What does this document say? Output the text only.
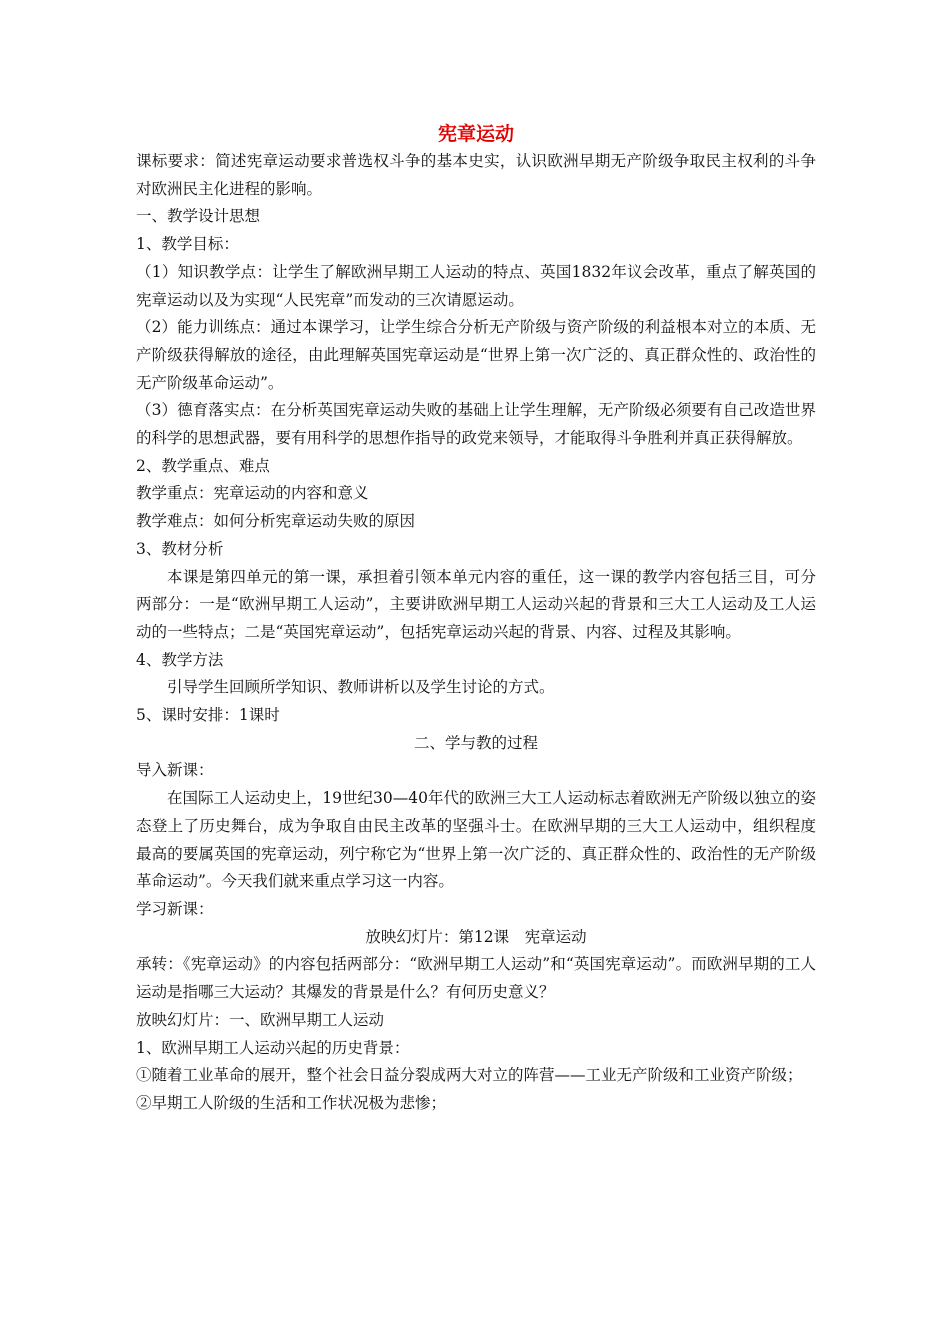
宪章运动

课标要求：简述宪章运动要求普选权斗争的基本史实，认识欧洲早期无产阶级争取民主权利的斗争对欧洲民主化进程的影响。

一、教学设计思想

1、教学目标：

（1）知识教学点：让学生了解欧洲早期工人运动的特点、英国1832年议会改革，重点了解英国的宪章运动以及为实现“人民宪章”而发动的三次请愿运动。

（2）能力训练点：通过本课学习，让学生综合分析无产阶级与资产阶级的利益根本对立的本质、无产阶级获得解放的途径，由此理解英国宪章运动是“世界上第一次广泛的、真正群众性的、政治性的无产阶级革命运动”。

（3）德育落实点：在分析英国宪章运动失败的基础上让学生理解，无产阶级必须要有自己改造世界的科学的思想武器，要有用科学的思想作指导的政党来领导，才能取得斗争胜利并真正获得解放。

2、教学重点、难点

教学重点：宪章运动的内容和意义

教学难点：如何分析宪章运动失败的原因

3、教材分析

本课是第四单元的第一课，承担着引领本单元内容的重任，这一课的教学内容包括三目，可分两部分：一是“欧洲早期工人运动”，主要讲欧洲早期工人运动兴起的背景和三大工人运动及工人运动的一些特点；二是“英国宪章运动”，包括宪章运动兴起的背景、内容、过程及其影响。

4、教学方法

引导学生回顾所学知识、教师讲析以及学生讨论的方式。

5、课时安排：1课时

二、学与教的过程

导入新课：

在国际工人运动史上，19世纪30—40年代的欧洲三大工人运动标志着欧洲无产阶级以独立的姿态登上了历史舞台，成为争取自由民主改革的坚强斗士。在欧洲早期的三大工人运动中，组织程度最高的要属英国的宪章运动，列宁称它为“世界上第一次广泛的、真正群众性的、政治性的无产阶级革命运动”。今天我们就来重点学习这一内容。

学习新课：

放映幻灯片：第12课　宪章运动

承转：《宪章运动》的内容包括两部分：“欧洲早期工人运动”和“英国宪章运动”。而欧洲早期的工人运动是指哪三大运动？其爆发的背景是什么？有何历史意义？

放映幻灯片：一、欧洲早期工人运动

1、欧洲早期工人运动兴起的历史背景：

①随着工业革命的展开，整个社会日益分裂成两大对立的阵营——工业无产阶级和工业资产阶级；

②早期工人阶级的生活和工作状况极为悲惨；
